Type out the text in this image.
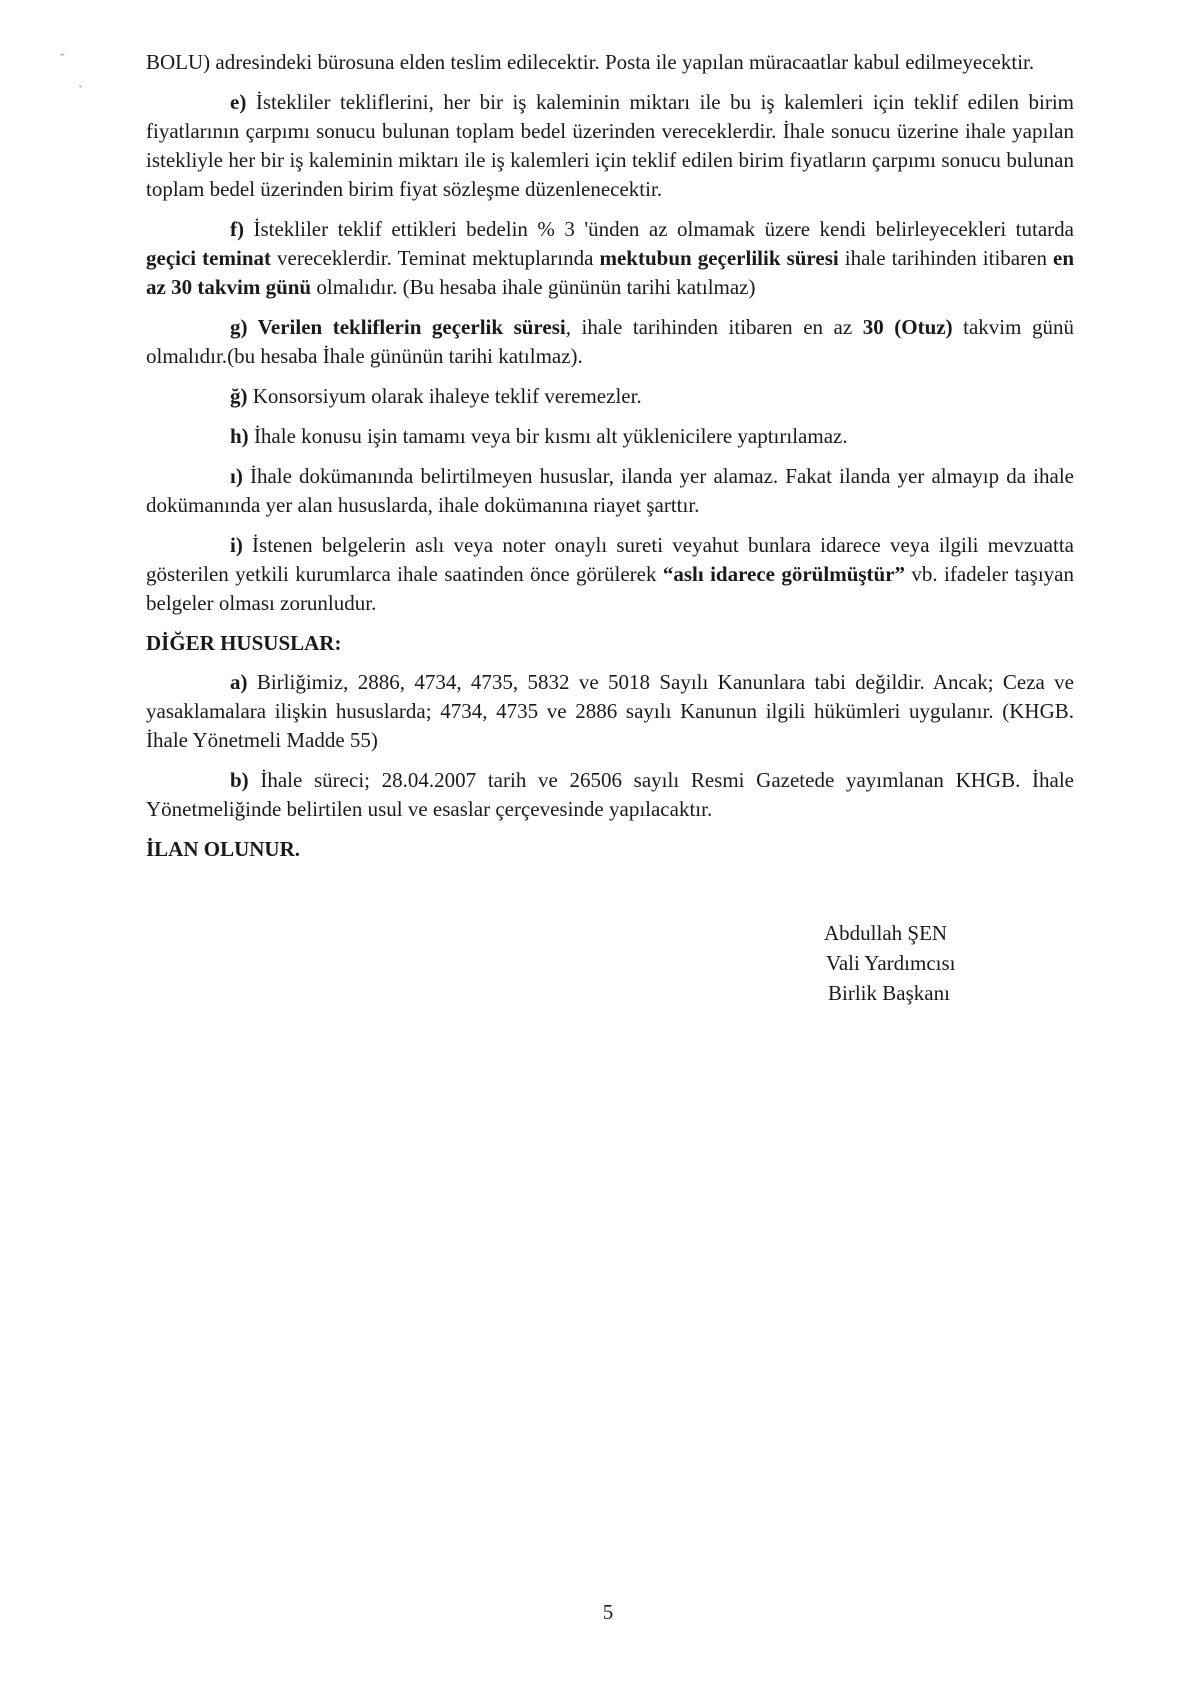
ˇ
ˋ

BOLU) adresindeki bürosuna elden teslim edilecektir. Posta ile yapılan müracaatlar kabul edilmeyecektir.

e) İstekliler tekliflerini, her bir iş kaleminin miktarı ile bu iş kalemleri için teklif edilen birim fiyatlarının çarpımı sonucu bulunan toplam bedel üzerinden vereceklerdir. İhale sonucu üzerine ihale yapılan istekliyle her bir iş kaleminin miktarı ile iş kalemleri için teklif edilen birim fiyatların çarpımı sonucu bulunan toplam bedel üzerinden birim fiyat sözleşme düzenlenecektir.

f) İstekliler teklif ettikleri bedelin % 3 'ünden az olmamak üzere kendi belirleyecekleri tutarda geçici teminat vereceklerdir. Teminat mektuplarında mektubun geçerlilik süresi ihale tarihinden itibaren en az 30 takvim günü olmalıdır. (Bu hesaba ihale gününün tarihi katılmaz)

g) Verilen tekliflerin geçerlik süresi, ihale tarihinden itibaren en az 30 (Otuz) takvim günü olmalıdır.(bu hesaba İhale gününün tarihi katılmaz).

ğ) Konsorsiyum olarak ihaleye teklif veremezler.

h) İhale konusu işin tamamı veya bir kısmı alt yüklenicilere yaptırılamaz.

ı) İhale dokümanında belirtilmeyen hususlar, ilanda yer alamaz. Fakat ilanda yer almayıp da ihale dokümanında yer alan hususlarda, ihale dokümanına riayet şarttır.

i) İstenen belgelerin aslı veya noter onaylı sureti veyahut bunlara idarece veya ilgili mevzuatta gösterilen yetkili kurumlarca ihale saatinden önce görülerek “aslı idarece görülmüştür” vb. ifadeler taşıyan belgeler olması zorunludur.

DİĞER HUSUSLAR:

a) Birliğimiz, 2886, 4734, 4735, 5832 ve 5018 Sayılı Kanunlara tabi değildir. Ancak; Ceza ve yasaklamalara ilişkin hususlarda; 4734, 4735 ve 2886 sayılı Kanunun ilgili hükümleri uygulanır. (KHGB. İhale Yönetmeli Madde 55)

b) İhale süreci; 28.04.2007 tarih ve 26506 sayılı Resmi Gazetede yayımlanan KHGB. İhale Yönetmeliğinde belirtilen usul ve esaslar çerçevesinde yapılacaktır.

İLAN OLUNUR.

Abdullah ŞEN
Vali Yardımcısı
Birlik Başkanı
5
